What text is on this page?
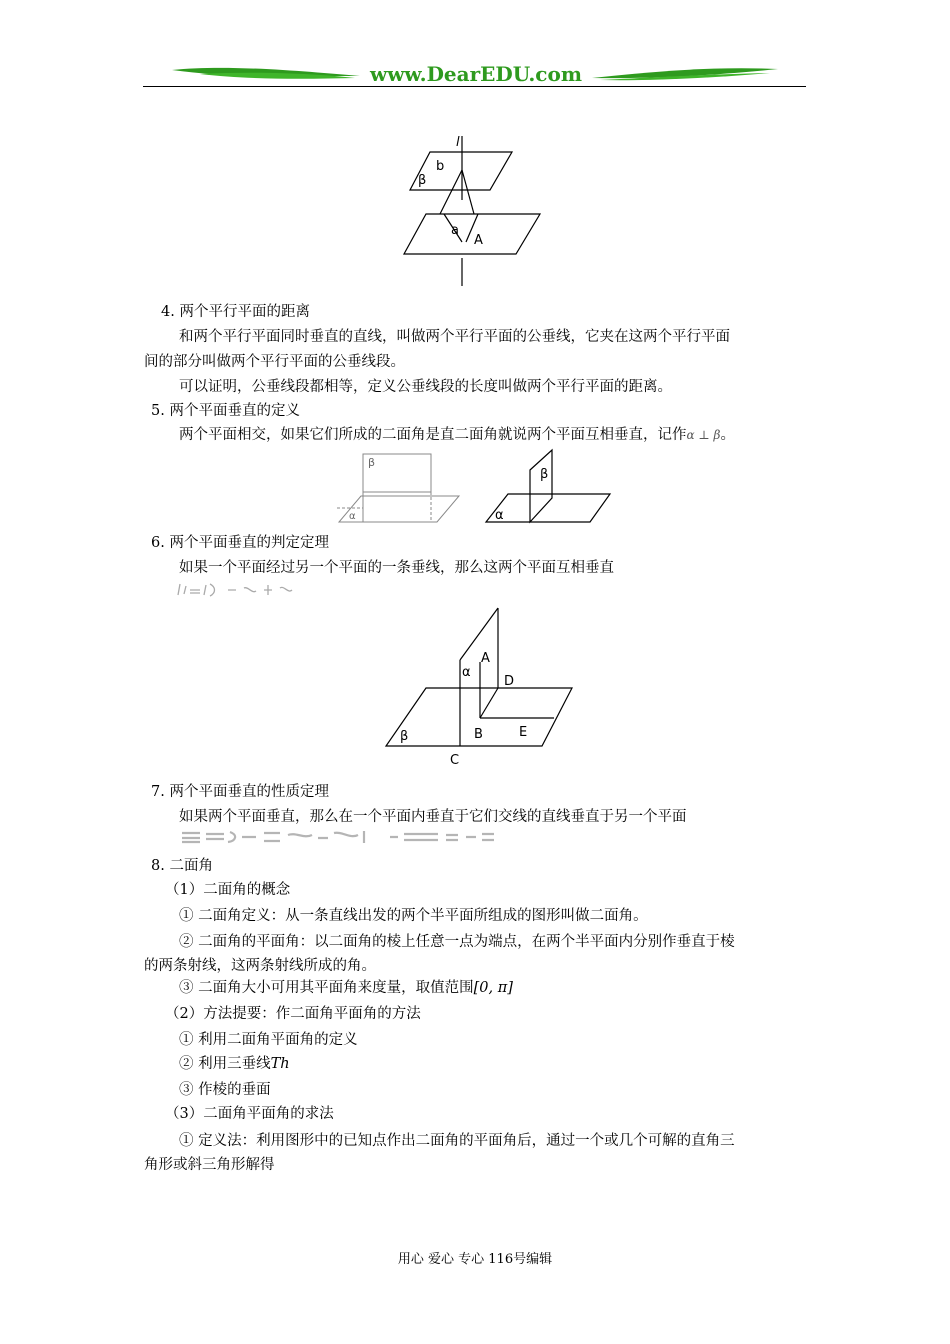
www.DearEDU.com
l
b
β
a
A
4. 两个平行平面的距离
和两个平行平面同时垂直的直线，叫做两个平行平面的公垂线，它夹在这两个平行平面
间的部分叫做两个平行平面的公垂线段。
可以证明，公垂线段都相等，定义公垂线段的长度叫做两个平行平面的距离。
5. 两个平面垂直的定义
两个平面相交，如果它们所成的二面角是直二面角就说两个平面互相垂直，记作α ⊥ β。
β
α
β
α
6. 两个平面垂直的判定定理
如果一个平面经过另一个平面的一条垂线，那么这两个平面互相垂直
α
A
D
β	B	E
C
7. 两个平面垂直的性质定理
如果两个平面垂直，那么在一个平面内垂直于它们交线的直线垂直于另一个平面
8. 二面角
（1）二面角的概念
① 二面角定义：从一条直线出发的两个半平面所组成的图形叫做二面角。
② 二面角的平面角：以二面角的棱上任意一点为端点，在两个半平面内分别作垂直于棱
的两条射线，这两条射线所成的角。
③ 二面角大小可用其平面角来度量，取值范围[0, π]
（2）方法提要：作二面角平面角的方法
① 利用二面角平面角的定义
② 利用三垂线Th
③ 作棱的垂面
（3）二面角平面角的求法
① 定义法：利用图形中的已知点作出二面角的平面角后，通过一个或几个可解的直角三
角形或斜三角形解得
用心 爱心 专心 116号编辑
